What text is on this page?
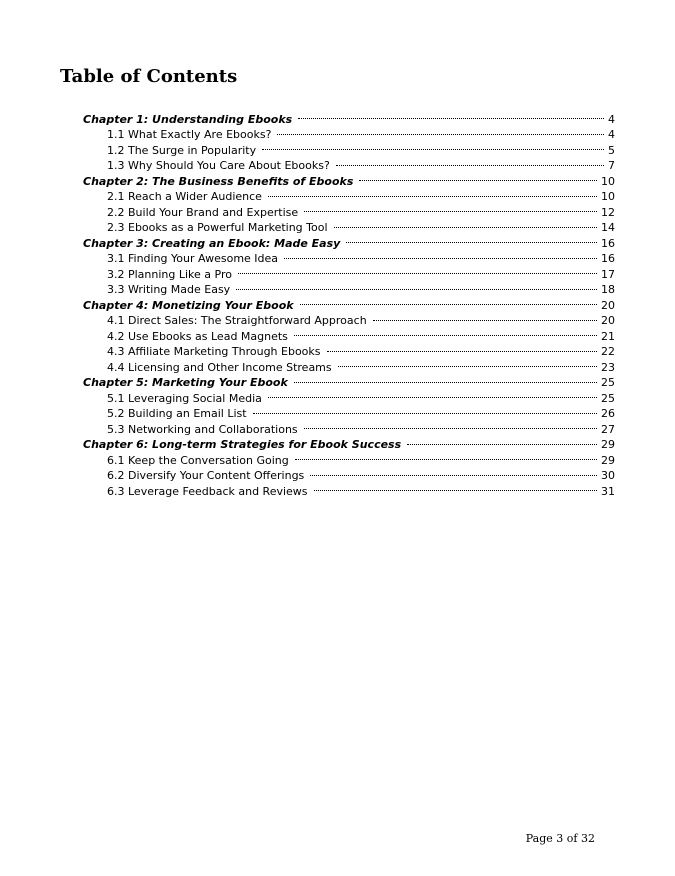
Table of Contents
Chapter 1: Understanding Ebooks	4
1.1 What Exactly Are Ebooks?	4
1.2 The Surge in Popularity	5
1.3 Why Should You Care About Ebooks?	7
Chapter 2: The Business Benefits of Ebooks	10
2.1 Reach a Wider Audience	10
2.2 Build Your Brand and Expertise	12
2.3 Ebooks as a Powerful Marketing Tool	14
Chapter 3: Creating an Ebook: Made Easy	16
3.1 Finding Your Awesome Idea	16
3.2 Planning Like a Pro	17
3.3 Writing Made Easy	18
Chapter 4: Monetizing Your Ebook	20
4.1 Direct Sales: The Straightforward Approach	20
4.2 Use Ebooks as Lead Magnets	21
4.3 Affiliate Marketing Through Ebooks	22
4.4 Licensing and Other Income Streams	23
Chapter 5: Marketing Your Ebook	25
5.1 Leveraging Social Media	25
5.2 Building an Email List	26
5.3 Networking and Collaborations	27
Chapter 6: Long-term Strategies for Ebook Success	29
6.1 Keep the Conversation Going	29
6.2 Diversify Your Content Offerings	30
6.3 Leverage Feedback and Reviews	31
Page 3 of 32
